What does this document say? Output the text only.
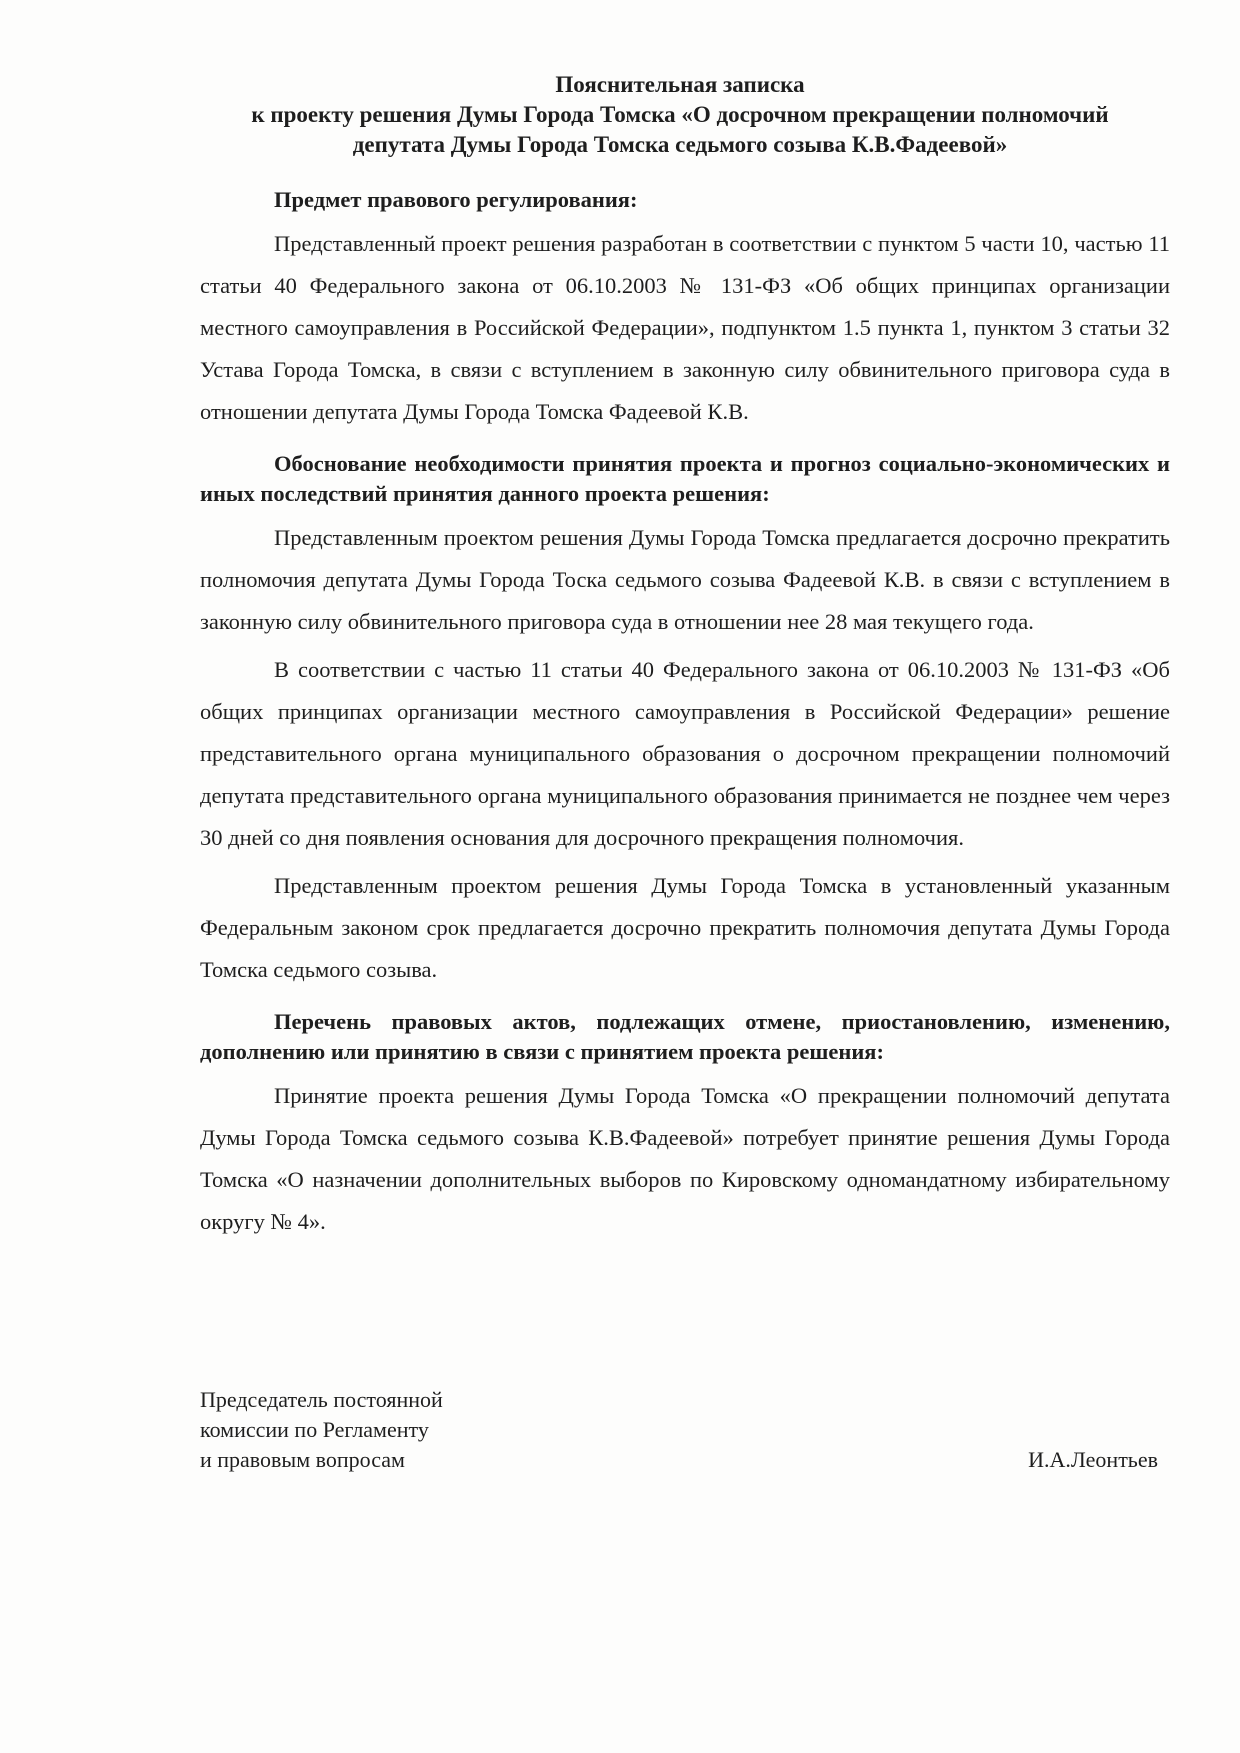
Пояснительная записка
к проекту решения Думы Города Томска «О досрочном прекращении полномочий
депутата Думы Города Томска седьмого созыва К.В.Фадеевой»

Предмет правового регулирования:

Представленный проект решения разработан в соответствии с пунктом 5 части 10, частью 11 статьи 40 Федерального закона от 06.10.2003 № 131-ФЗ «Об общих принципах организации местного самоуправления в Российской Федерации», подпунктом 1.5 пункта 1, пунктом 3 статьи 32 Устава Города Томска, в связи с вступлением в законную силу обвинительного приговора суда в отношении депутата Думы Города Томска Фадеевой К.В.

Обоснование необходимости принятия проекта и прогноз социально-экономических и иных последствий принятия данного проекта решения:

Представленным проектом решения Думы Города Томска предлагается досрочно прекратить полномочия депутата Думы Города Тоска седьмого созыва Фадеевой К.В. в связи с вступлением в законную силу обвинительного приговора суда в отношении нее 28 мая текущего года.

В соответствии с частью 11 статьи 40 Федерального закона от 06.10.2003 № 131-ФЗ «Об общих принципах организации местного самоуправления в Российской Федерации» решение представительного органа муниципального образования о досрочном прекращении полномочий депутата представительного органа муниципального образования принимается не позднее чем через 30 дней со дня появления основания для досрочного прекращения полномочия.

Представленным проектом решения Думы Города Томска в установленный указанным Федеральным законом срок предлагается досрочно прекратить полномочия депутата Думы Города Томска седьмого созыва.

Перечень правовых актов, подлежащих отмене, приостановлению, изменению, дополнению или принятию в связи с принятием проекта решения:

Принятие проекта решения Думы Города Томска «О прекращении полномочий депутата Думы Города Томска седьмого созыва К.В.Фадеевой» потребует принятие решения Думы Города Томска «О назначении дополнительных выборов по Кировскому одномандатному избирательному округу № 4».

Председатель постоянной
комиссии по Регламенту
и правовым вопросам	И.А.Леонтьев
